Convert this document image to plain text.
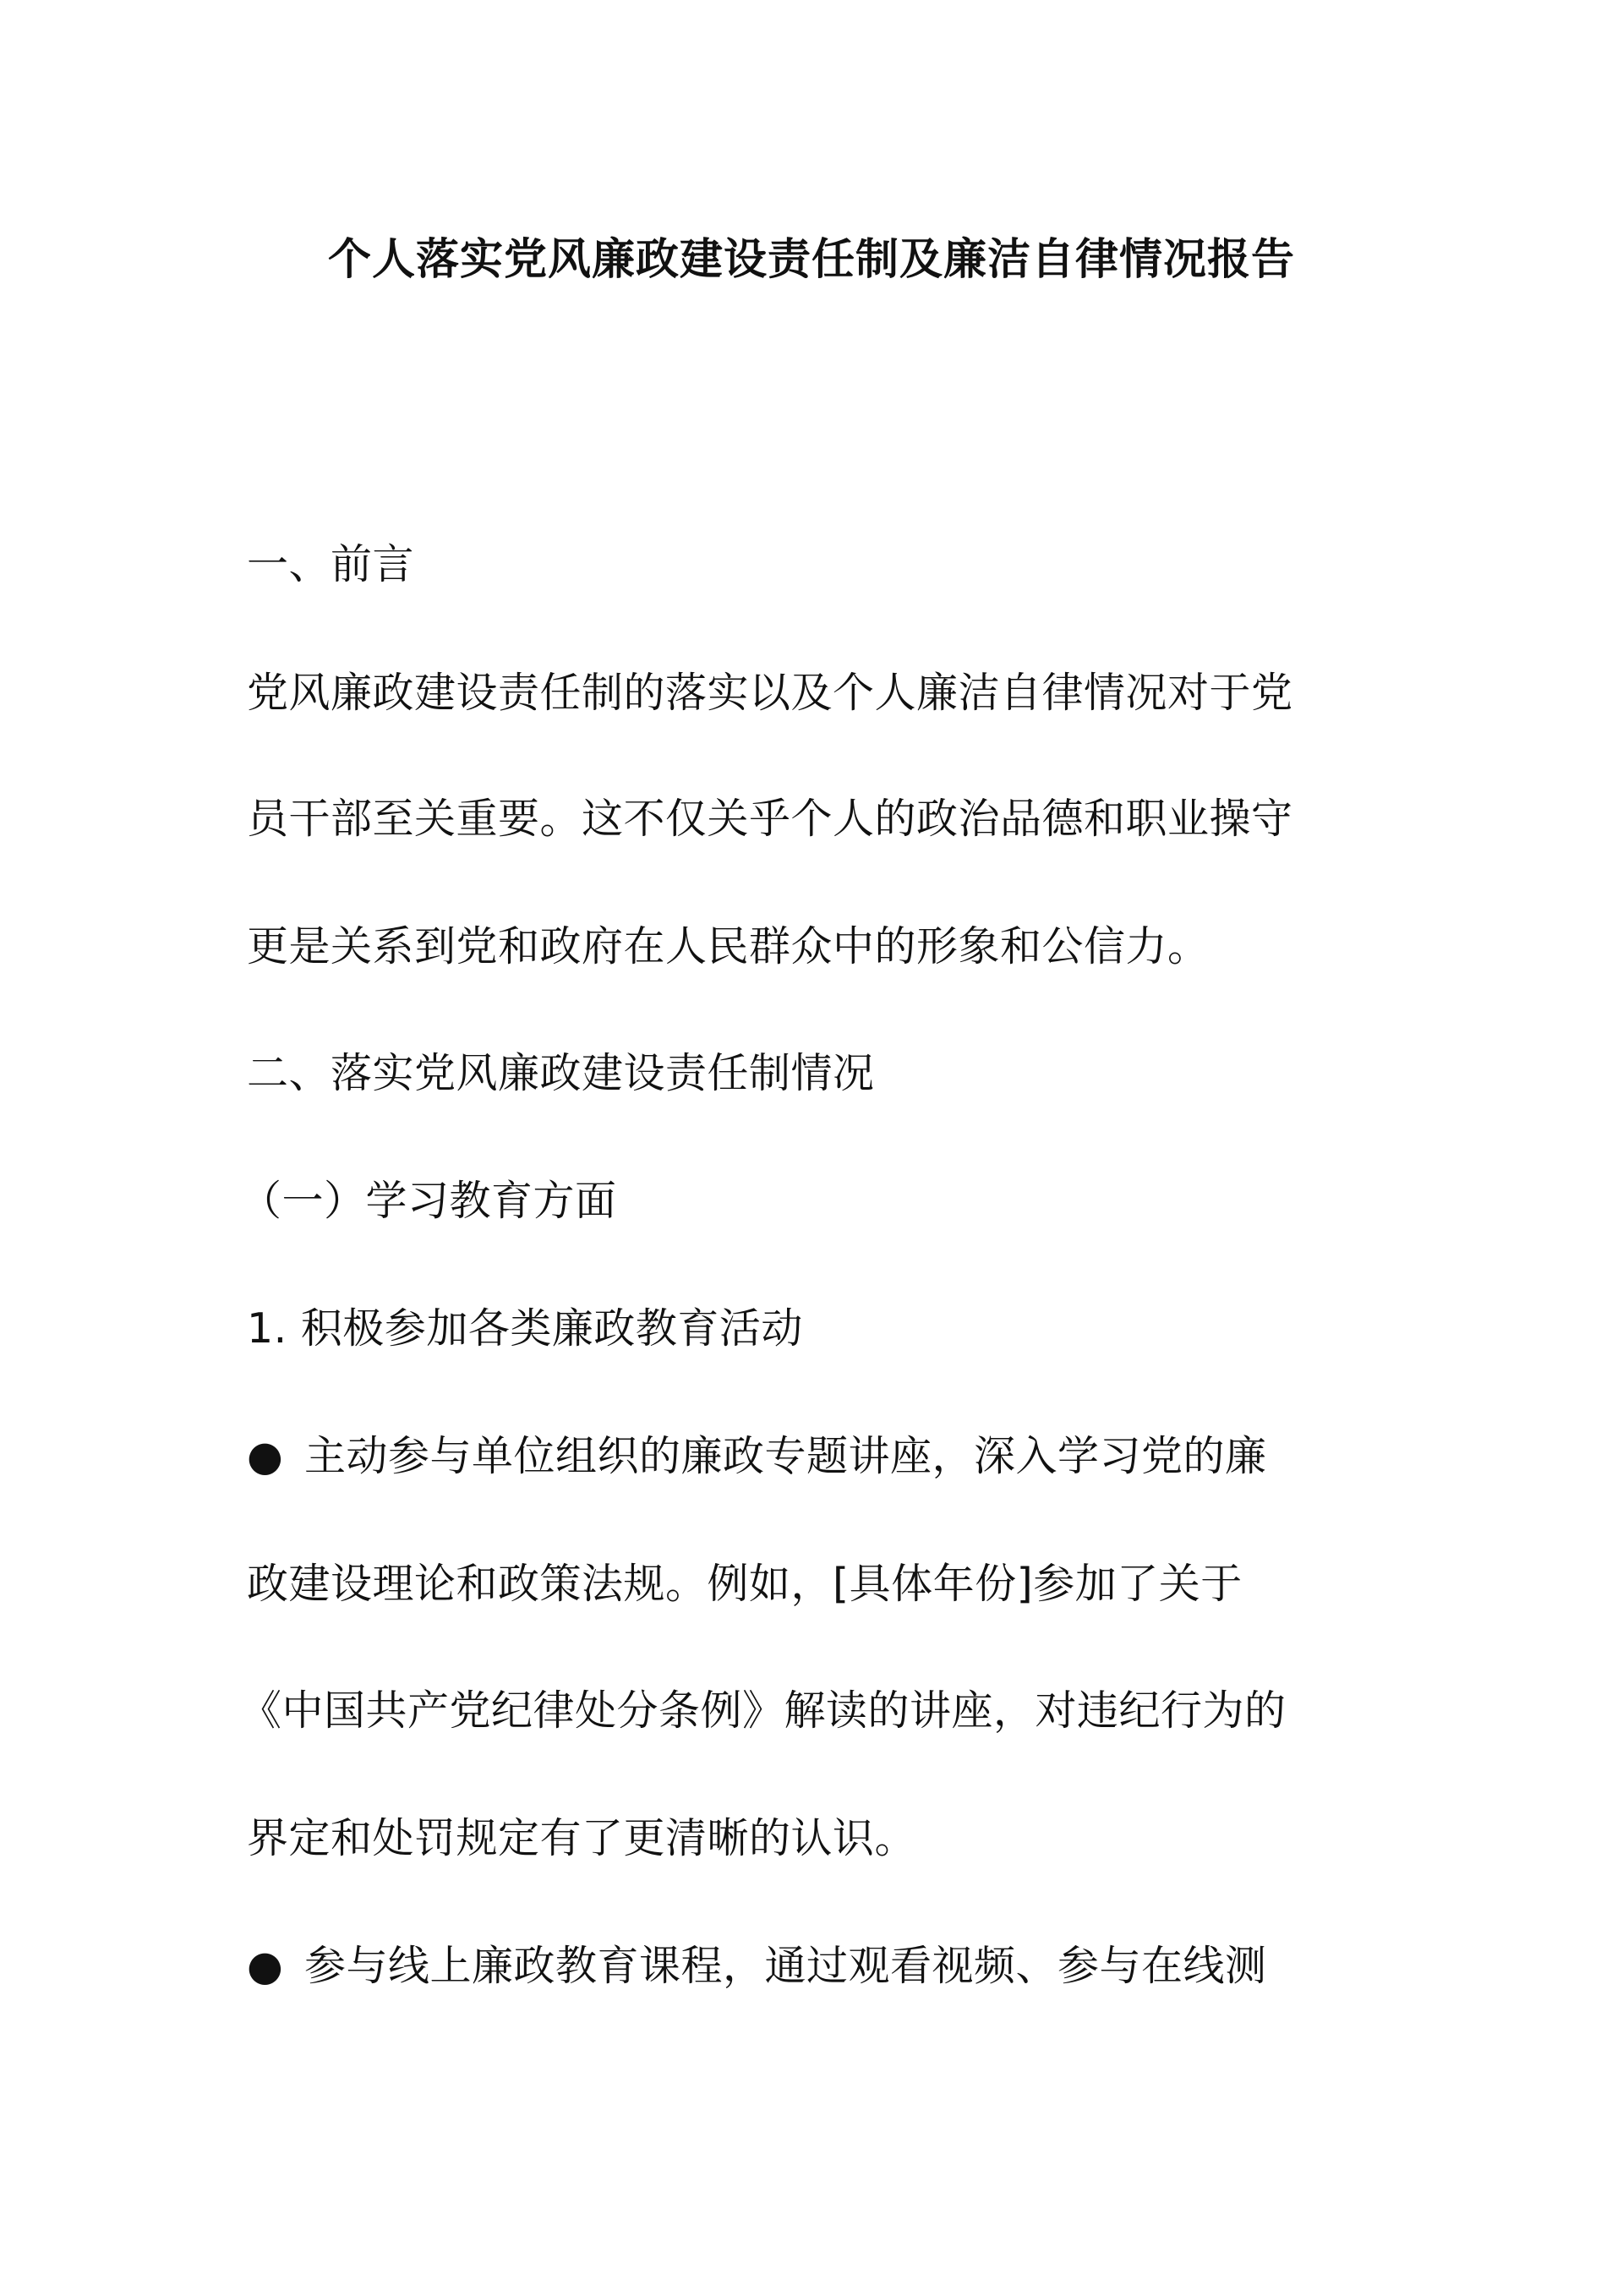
个人落实党风廉政建设责任制及廉洁自律情况报告

一、前言

党风廉政建设责任制的落实以及个人廉洁自律情况对于党

员干部至关重要。这不仅关乎个人的政治品德和职业操守

更是关系到党和政府在人民群众中的形象和公信力。

二、落实党风廉政建设责任制情况

（一）学习教育方面

1. 积极参加各类廉政教育活动

● 主动参与单位组织的廉政专题讲座，深入学习党的廉

政建设理论和政策法规。例如，[具体年份]参加了关于

《中国共产党纪律处分条例》解读的讲座，对违纪行为的

界定和处罚规定有了更清晰的认识。

● 参与线上廉政教育课程，通过观看视频、参与在线测
